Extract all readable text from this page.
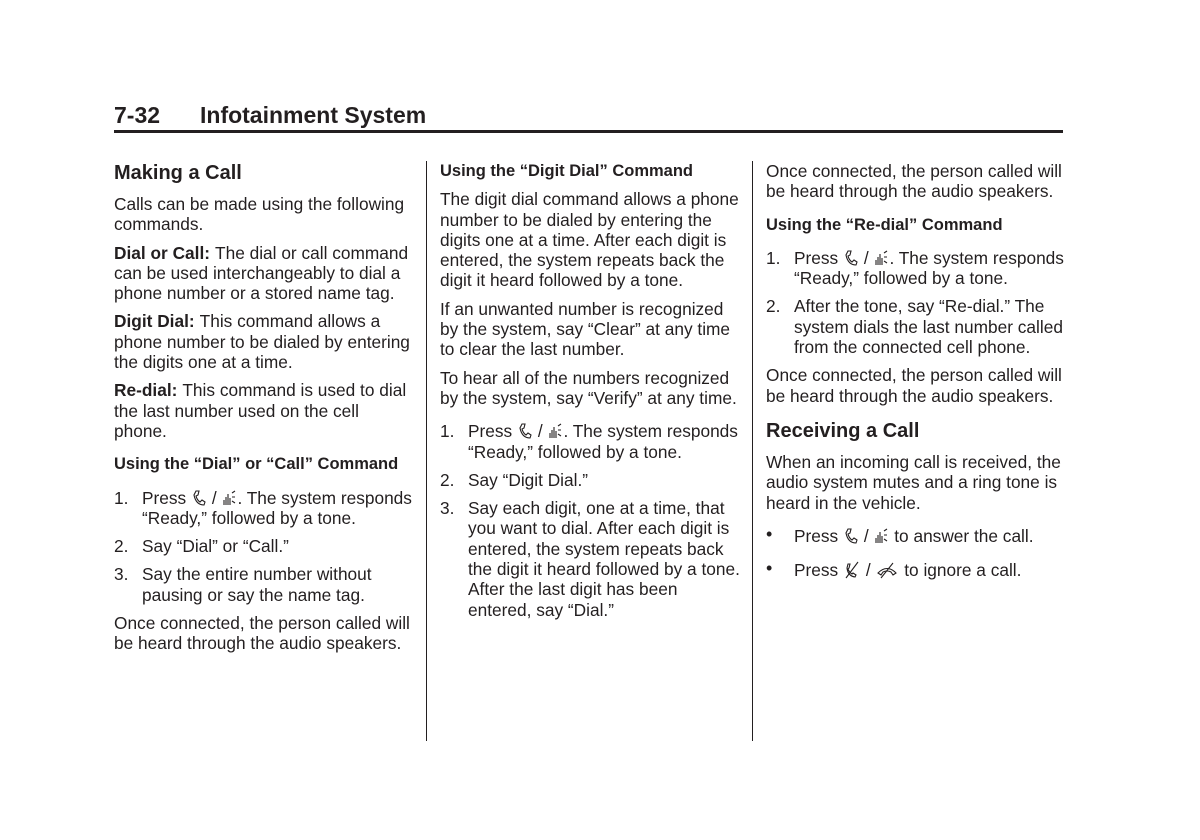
7-32 Infotainment System
Making a Call

Calls can be made using the following commands.

Dial or Call: The dial or call command can be used interchangeably to dial a phone number or a stored name tag.

Digit Dial: This command allows a phone number to be dialed by entering the digits one at a time.

Re-dial: This command is used to dial the last number used on the cell phone.

Using the “Dial” or “Call” Command
1. Press / . The system responds “Ready,” followed by a tone.
2. Say “Dial” or “Call.”
3. Say the entire number without pausing or say the name tag.

Once connected, the person called will be heard through the audio speakers.

Using the “Digit Dial” Command

The digit dial command allows a phone number to be dialed by entering the digits one at a time. After each digit is entered, the system repeats back the digit it heard followed by a tone.

If an unwanted number is recognized by the system, say “Clear” at any time to clear the last number.

To hear all of the numbers recognized by the system, say “Verify” at any time.

1. Press / . The system responds “Ready,” followed by a tone.
2. Say “Digit Dial.”
3. Say each digit, one at a time, that you want to dial. After each digit is entered, the system repeats back the digit it heard followed by a tone. After the last digit has been entered, say “Dial.”

Once connected, the person called will be heard through the audio speakers.

Using the “Re-dial” Command
1. Press / . The system responds “Ready,” followed by a tone.
2. After the tone, say “Re-dial.” The system dials the last number called from the connected cell phone.

Once connected, the person called will be heard through the audio speakers.

Receiving a Call

When an incoming call is received, the audio system mutes and a ring tone is heard in the vehicle.

• Press / to answer the call.
• Press / to ignore a call.
